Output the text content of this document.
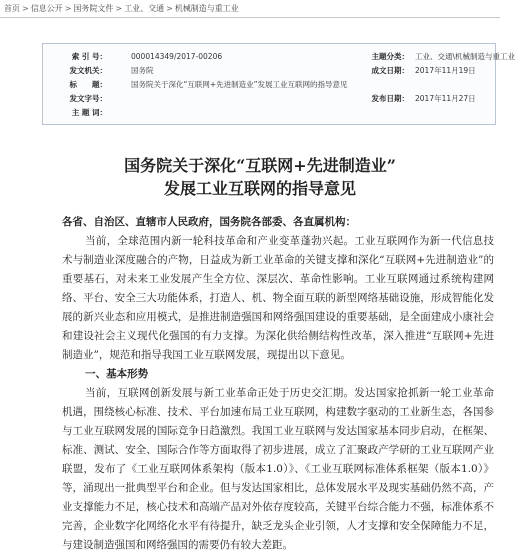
首页 > 信息公开 > 国务院文件 > 工业、交通 > 机械制造与重工业
索 引 号：	000014349/2017-00206	主题分类： 工业、交通\机械制造与重工业
发文机关：	国务院	成文日期： 2017年11月19日
标　　题：	国务院关于深化“互联网+先进制造业”发展工业互联网的指导意见
发文字号：	发布日期： 2017年11月27日
主 题 词：
国务院关于深化“互联网+先进制造业”
发展工业互联网的指导意见

各省、自治区、直辖市人民政府，国务院各部委、各直属机构：

当前，全球范围内新一轮科技革命和产业变革蓬勃兴起。工业互联网作为新一代信息技术与制造业深度融合的产物，日益成为新工业革命的关键支撑和深化“互联网+先进制造业”的重要基石，对未来工业发展产生全方位、深层次、革命性影响。工业互联网通过系统构建网络、平台、安全三大功能体系，打造人、机、物全面互联的新型网络基础设施，形成智能化发展的新兴业态和应用模式，是推进制造强国和网络强国建设的重要基础，是全面建成小康社会和建设社会主义现代化强国的有力支撑。为深化供给侧结构性改革，深入推进“互联网+先进制造业”，规范和指导我国工业互联网发展，现提出以下意见。

一、基本形势

当前，互联网创新发展与新工业革命正处于历史交汇期。发达国家抢抓新一轮工业革命机遇，围绕核心标准、技术、平台加速布局工业互联网，构建数字驱动的工业新生态，各国参与工业互联网发展的国际竞争日趋激烈。我国工业互联网与发达国家基本同步启动，在框架、标准、测试、安全、国际合作等方面取得了初步进展，成立了汇聚政产学研的工业互联网产业联盟，发布了《工业互联网体系架构（版本1.0）》、《工业互联网标准体系框架（版本1.0）》等，涌现出一批典型平台和企业。但与发达国家相比，总体发展水平及现实基础仍然不高，产业支撑能力不足，核心技术和高端产品对外依存度较高，关键平台综合能力不强，标准体系不完善，企业数字化网络化水平有待提升，缺乏龙头企业引领，人才支撑和安全保障能力不足，与建设制造强国和网络强国的需要仍有较大差距。
